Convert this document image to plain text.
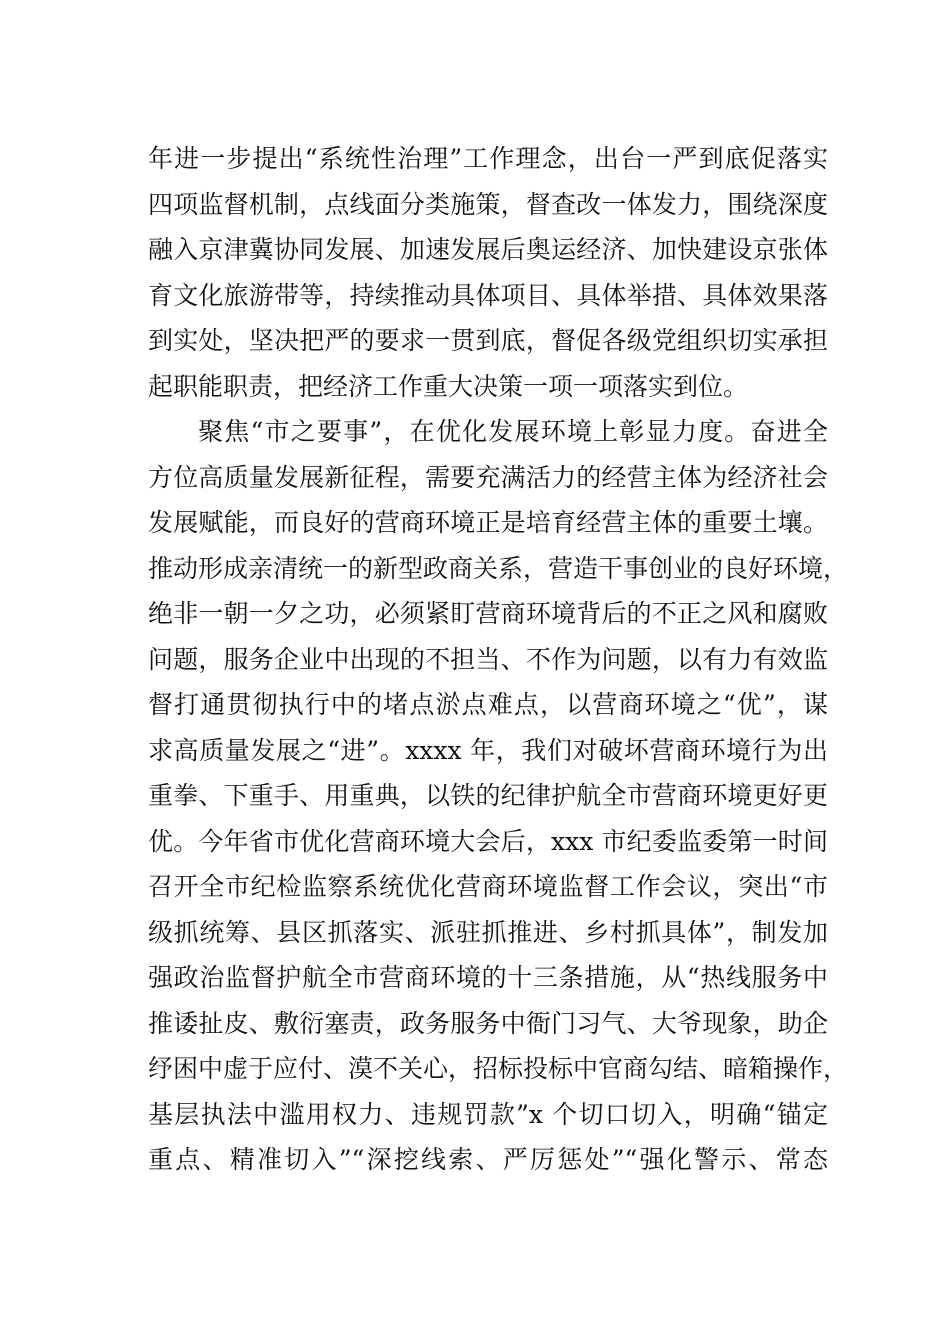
年进一步提出“系统性治理”工作理念，出台一严到底促落实
四项监督机制，点线面分类施策，督查改一体发力，围绕深度
融入京津冀协同发展、加速发展后奥运经济、加快建设京张体
育文化旅游带等，持续推动具体项目、具体举措、具体效果落
到实处，坚决把严的要求一贯到底，督促各级党组织切实承担
起职能职责，把经济工作重大决策一项一项落实到位。
聚焦“市之要事”，在优化发展环境上彰显力度。奋进全
方位高质量发展新征程，需要充满活力的经营主体为经济社会
发展赋能，而良好的营商环境正是培育经营主体的重要土壤。
推动形成亲清统一的新型政商关系，营造干事创业的良好环境，
绝非一朝一夕之功，必须紧盯营商环境背后的不正之风和腐败
问题，服务企业中出现的不担当、不作为问题，以有力有效监
督打通贯彻执行中的堵点淤点难点，以营商环境之“优”，谋
求高质量发展之“进”。xxxx 年，我们对破坏营商环境行为出
重拳、下重手、用重典，以铁的纪律护航全市营商环境更好更
优。今年省市优化营商环境大会后，xxx 市纪委监委第一时间
召开全市纪检监察系统优化营商环境监督工作会议，突出“市
级抓统筹、县区抓落实、派驻抓推进、乡村抓具体”，制发加
强政治监督护航全市营商环境的十三条措施，从“热线服务中
推诿扯皮、敷衍塞责，政务服务中衙门习气、大爷现象，助企
纾困中虚于应付、漠不关心，招标投标中官商勾结、暗箱操作，
基层执法中滥用权力、违规罚款”x 个切口切入，明确“锚定
重点、精准切入”“深挖线索、严厉惩处”“强化警示、常态
